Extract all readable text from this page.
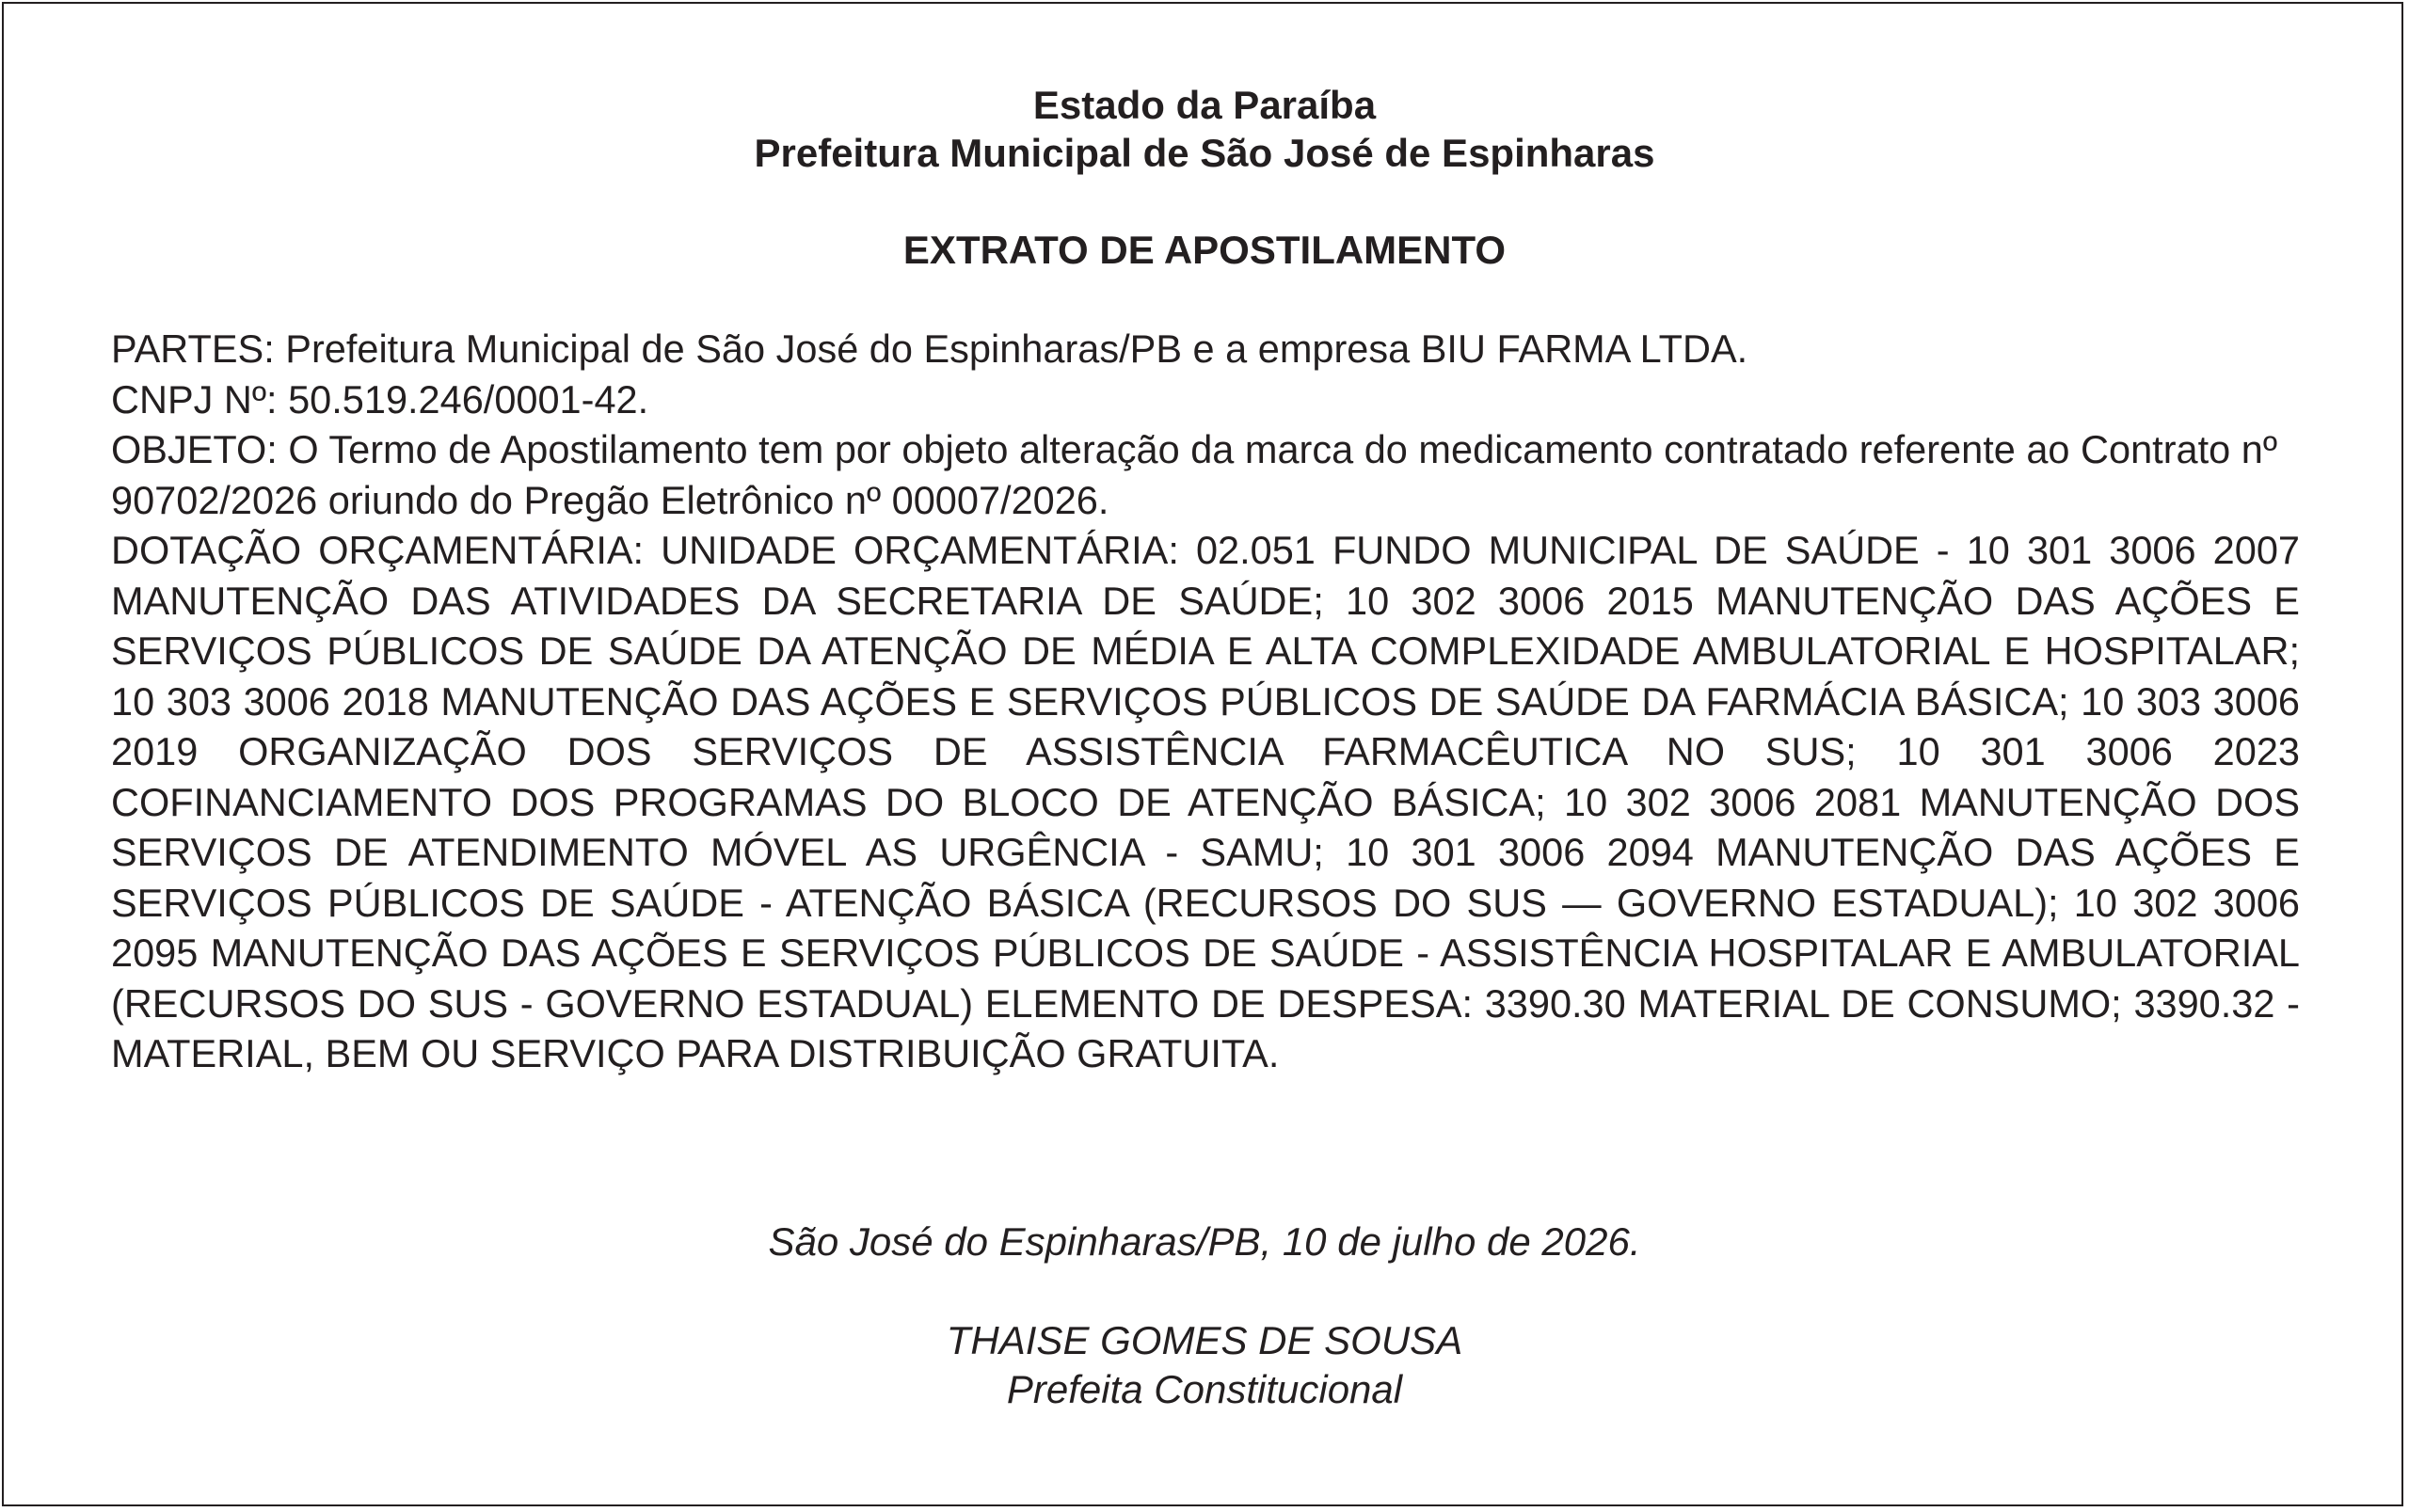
Estado da Paraíba
Prefeitura Municipal de São José de Espinharas
EXTRATO DE APOSTILAMENTO

PARTES: Prefeitura Municipal de São José do Espinharas/PB e a empresa BIU FARMA LTDA.

CNPJ Nº: 50.519.246/0001-42.

OBJETO: O Termo de Apostilamento tem por objeto alteração da marca do medicamento contratado referente ao Contrato nº 90702/2026 oriundo do Pregão Eletrônico nº 00007/2026.

DOTAÇÃO ORÇAMENTÁRIA: UNIDADE ORÇAMENTÁRIA: 02.051 FUNDO MUNICIPAL DE SAÚDE - 10 301 3006 2007 MANUTENÇÃO DAS ATIVIDADES DA SECRETARIA DE SAÚDE; 10 302 3006 2015 MANUTENÇÃO DAS AÇÕES E SERVIÇOS PÚBLICOS DE SAÚDE DA ATENÇÃO DE MÉDIA E ALTA COMPLEXIDADE AMBULATORIAL E HOSPITALAR; 10 303 3006 2018 MANUTENÇÃO DAS AÇÕES E SERVIÇOS PÚBLICOS DE SAÚDE DA FARMÁCIA BÁSICA; 10 303 3006 2019 ORGANIZAÇÃO DOS SERVIÇOS DE ASSISTÊNCIA FARMACÊUTICA NO SUS; 10 301 3006 2023 COFINANCIAMENTO DOS PROGRAMAS DO BLOCO DE ATENÇÃO BÁSICA; 10 302 3006 2081 MANUTENÇÃO DOS SERVIÇOS DE ATENDIMENTO MÓVEL AS URGÊNCIA - SAMU; 10 301 3006 2094 MANUTENÇÃO DAS AÇÕES E SERVIÇOS PÚBLICOS DE SAÚDE - ATENÇÃO BÁSICA (RECURSOS DO SUS — GOVERNO ESTADUAL); 10 302 3006 2095 MANUTENÇÃO DAS AÇÕES E SERVIÇOS PÚBLICOS DE SAÚDE - ASSISTÊNCIA HOSPITALAR E AMBULATORIAL (RECURSOS DO SUS - GOVERNO ESTADUAL) ELEMENTO DE DESPESA: 3390.30 MATERIAL DE CONSUMO; 3390.32 - MATERIAL, BEM OU SERVIÇO PARA DISTRIBUIÇÃO GRATUITA.

São José do Espinharas/PB, 10 de julho de 2026.
THAISE GOMES DE SOUSA
Prefeita Constitucional
